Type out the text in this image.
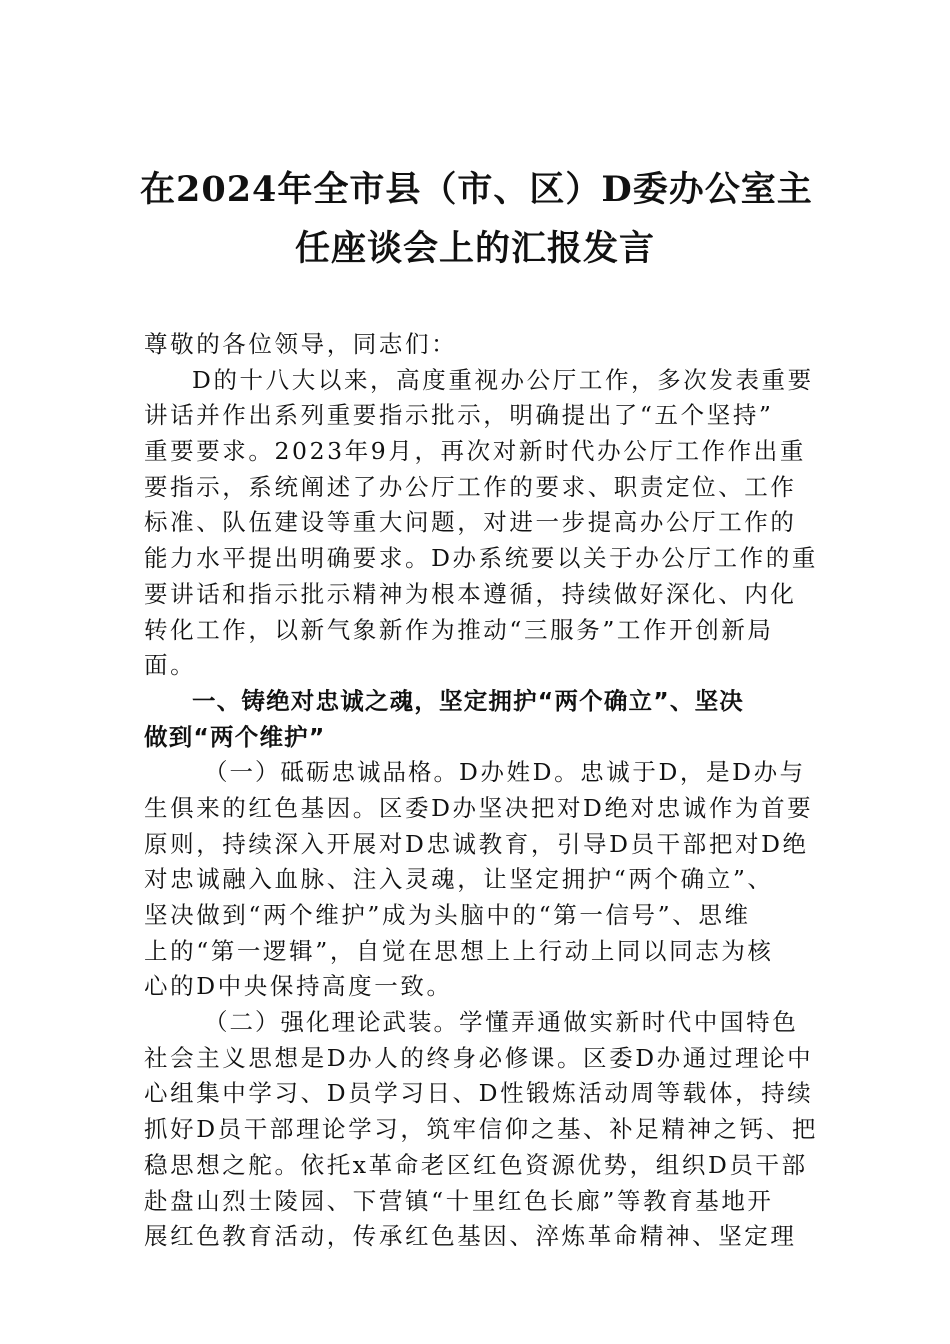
在2024年全市县（市、区）D委办公室主
任座谈会上的汇报发言
尊敬的各位领导，同志们：
D的十八大以来，高度重视办公厅工作，多次发表重要
讲话并作出系列重要指示批示，明确提出了“五个坚持”
重要要求。2023年9月，再次对新时代办公厅工作作出重
要指示，系统阐述了办公厅工作的要求、职责定位、工作
标准、队伍建设等重大问题，对进一步提高办公厅工作的
能力水平提出明确要求。D办系统要以关于办公厅工作的重
要讲话和指示批示精神为根本遵循，持续做好深化、内化
转化工作，以新气象新作为推动“三服务”工作开创新局
面。
一、铸绝对忠诚之魂，坚定拥护“两个确立”、坚决
做到“两个维护”
（一）砥砺忠诚品格。D办姓D。忠诚于D，是D办与
生俱来的红色基因。区委D办坚决把对D绝对忠诚作为首要
原则，持续深入开展对D忠诚教育，引导D员干部把对D绝
对忠诚融入血脉、注入灵魂，让坚定拥护“两个确立”、
坚决做到“两个维护”成为头脑中的“第一信号”、思维
上的“第一逻辑”，自觉在思想上上行动上同以同志为核
心的D中央保持高度一致。
（二）强化理论武装。学懂弄通做实新时代中国特色
社会主义思想是D办人的终身必修课。区委D办通过理论中
心组集中学习、D员学习日、D性锻炼活动周等载体，持续
抓好D员干部理论学习，筑牢信仰之基、补足精神之钙、把
稳思想之舵。依托x革命老区红色资源优势，组织D员干部
赴盘山烈士陵园、下营镇“十里红色长廊”等教育基地开
展红色教育活动，传承红色基因、淬炼革命精神、坚定理
